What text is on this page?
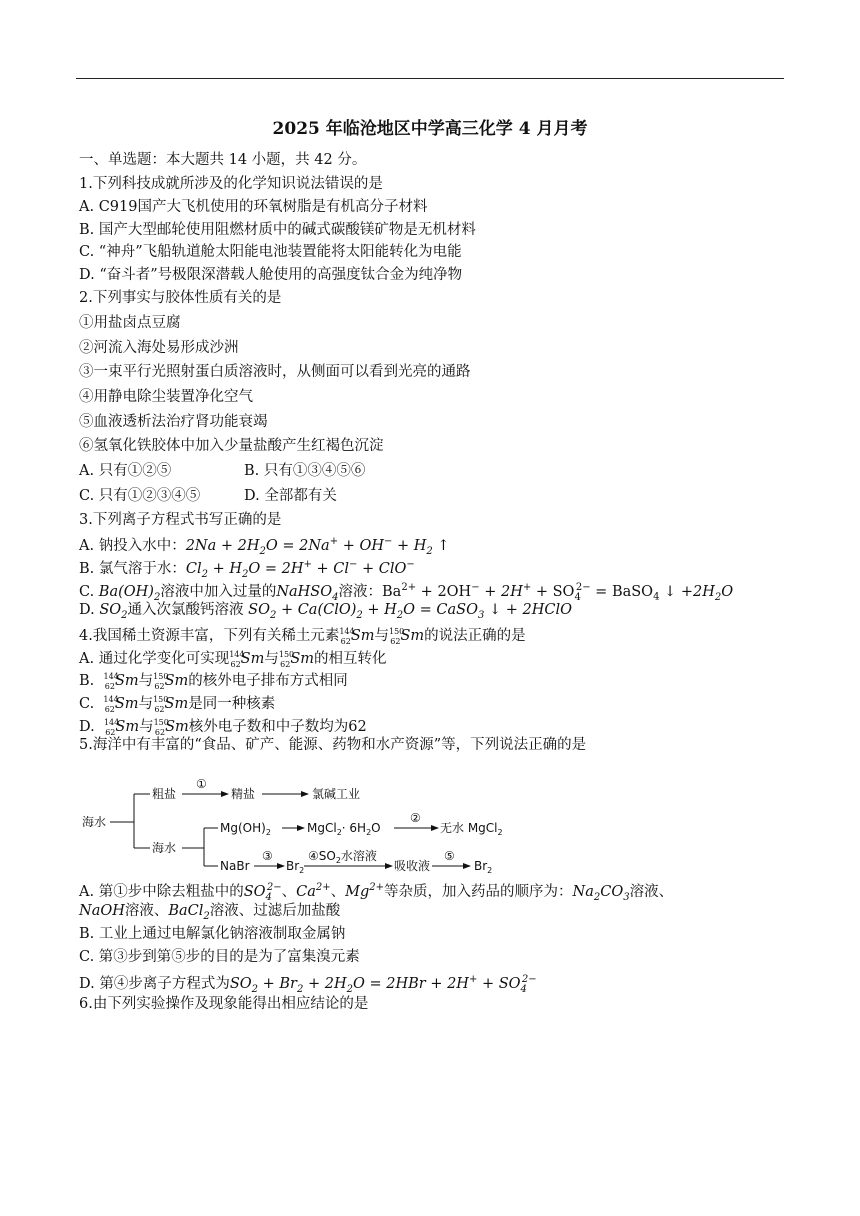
2025 年临沧地区中学高三化学 4 月月考
一、单选题：本大题共 14 小题，共 42 分。
1.下列科技成就所涉及的化学知识说法错误的是
A. C919国产大飞机使用的环氧树脂是有机高分子材料
B. 国产大型邮轮使用阻燃材质中的碱式碳酸镁矿物是无机材料
C. “神舟”飞船轨道舱太阳能电池装置能将太阳能转化为电能
D. “奋斗者”号极限深潜载人舱使用的高强度钛合金为纯净物
2.下列事实与胶体性质有关的是
①用盐卤点豆腐
②河流入海处易形成沙洲
③一束平行光照射蛋白质溶液时，从侧面可以看到光亮的通路
④用静电除尘装置净化空气
⑤血液透析法治疗肾功能衰竭
⑥氢氧化铁胶体中加入少量盐酸产生红褐色沉淀
A. 只有①②⑤	B. 只有①③④⑤⑥
C. 只有①②③④⑤	D. 全部都有关
3.下列离子方程式书写正确的是
A. 钠投入水中：$2Na + 2H_2O = 2Na^+ + OH^- + H_2$ ↑
B. 氯气溶于水：$Cl_2 + H_2O = 2H^+ + Cl^- + ClO^-$
C. $Ba(OH)_2$溶液中加入过量的NaHSO$_4$溶液：$Ba^{2+} + 2OH^- + 2H^+ + SO_4^{2-}$ = BaSO$_4$ ↓ $+2H_2O$
D. $SO_2$通入次氯酸钙溶液 $SO_2 + Ca(ClO)_2 + H_2O$ = CaSO$_3$ ↓ + 2HClO
4.我国稀土资源丰富，下列有关稀土元素$^{144}_{62}$Sm与$^{150}_{62}$Sm的说法正确的是
A. 通过化学变化可实现$^{144}_{62}$Sm与$^{150}_{62}$Sm的相互转化
B. $^{144}_{62}$Sm与$^{150}_{62}$Sm的核外电子排布方式相同
C. $^{144}_{62}$Sm与$^{150}_{62}$Sm是同一种核素
D. $^{144}_{62}$Sm与$^{150}_{62}$Sm核外电子数和中子数均为62
5.海洋中有丰富的“食品、矿产、能源、药物和水产资源”等，下列说法正确的是
海水
粗盐
①
精盐	氯碱工业
海水
$Mg(OH)_2$	MgCl$_2$· $6H_2O$
②
无水 MgCl$_2$
NaBr
③
$Br_2$
$④SO_2$水溶液
吸收液
⑤
$Br_2$
A. 第①步中除去粗盐中的$SO_4^{2-}$、$Ca^{2+}$、$Mg^{2+}$等杂质，加入药品的顺序为：$Na_2CO_3$溶液、
NaOH溶液、BaCl$_2$溶液、过滤后加盐酸
B. 工业上通过电解氯化钠溶液制取金属钠
C. 第③步到第⑤步的目的是为了富集溴元素
D. 第④步离子方程式为$SO_2 + Br_2 + 2H_2O = 2HBr + 2H^+ + SO_4^{2-}$
6.由下列实验操作及现象能得出相应结论的是
